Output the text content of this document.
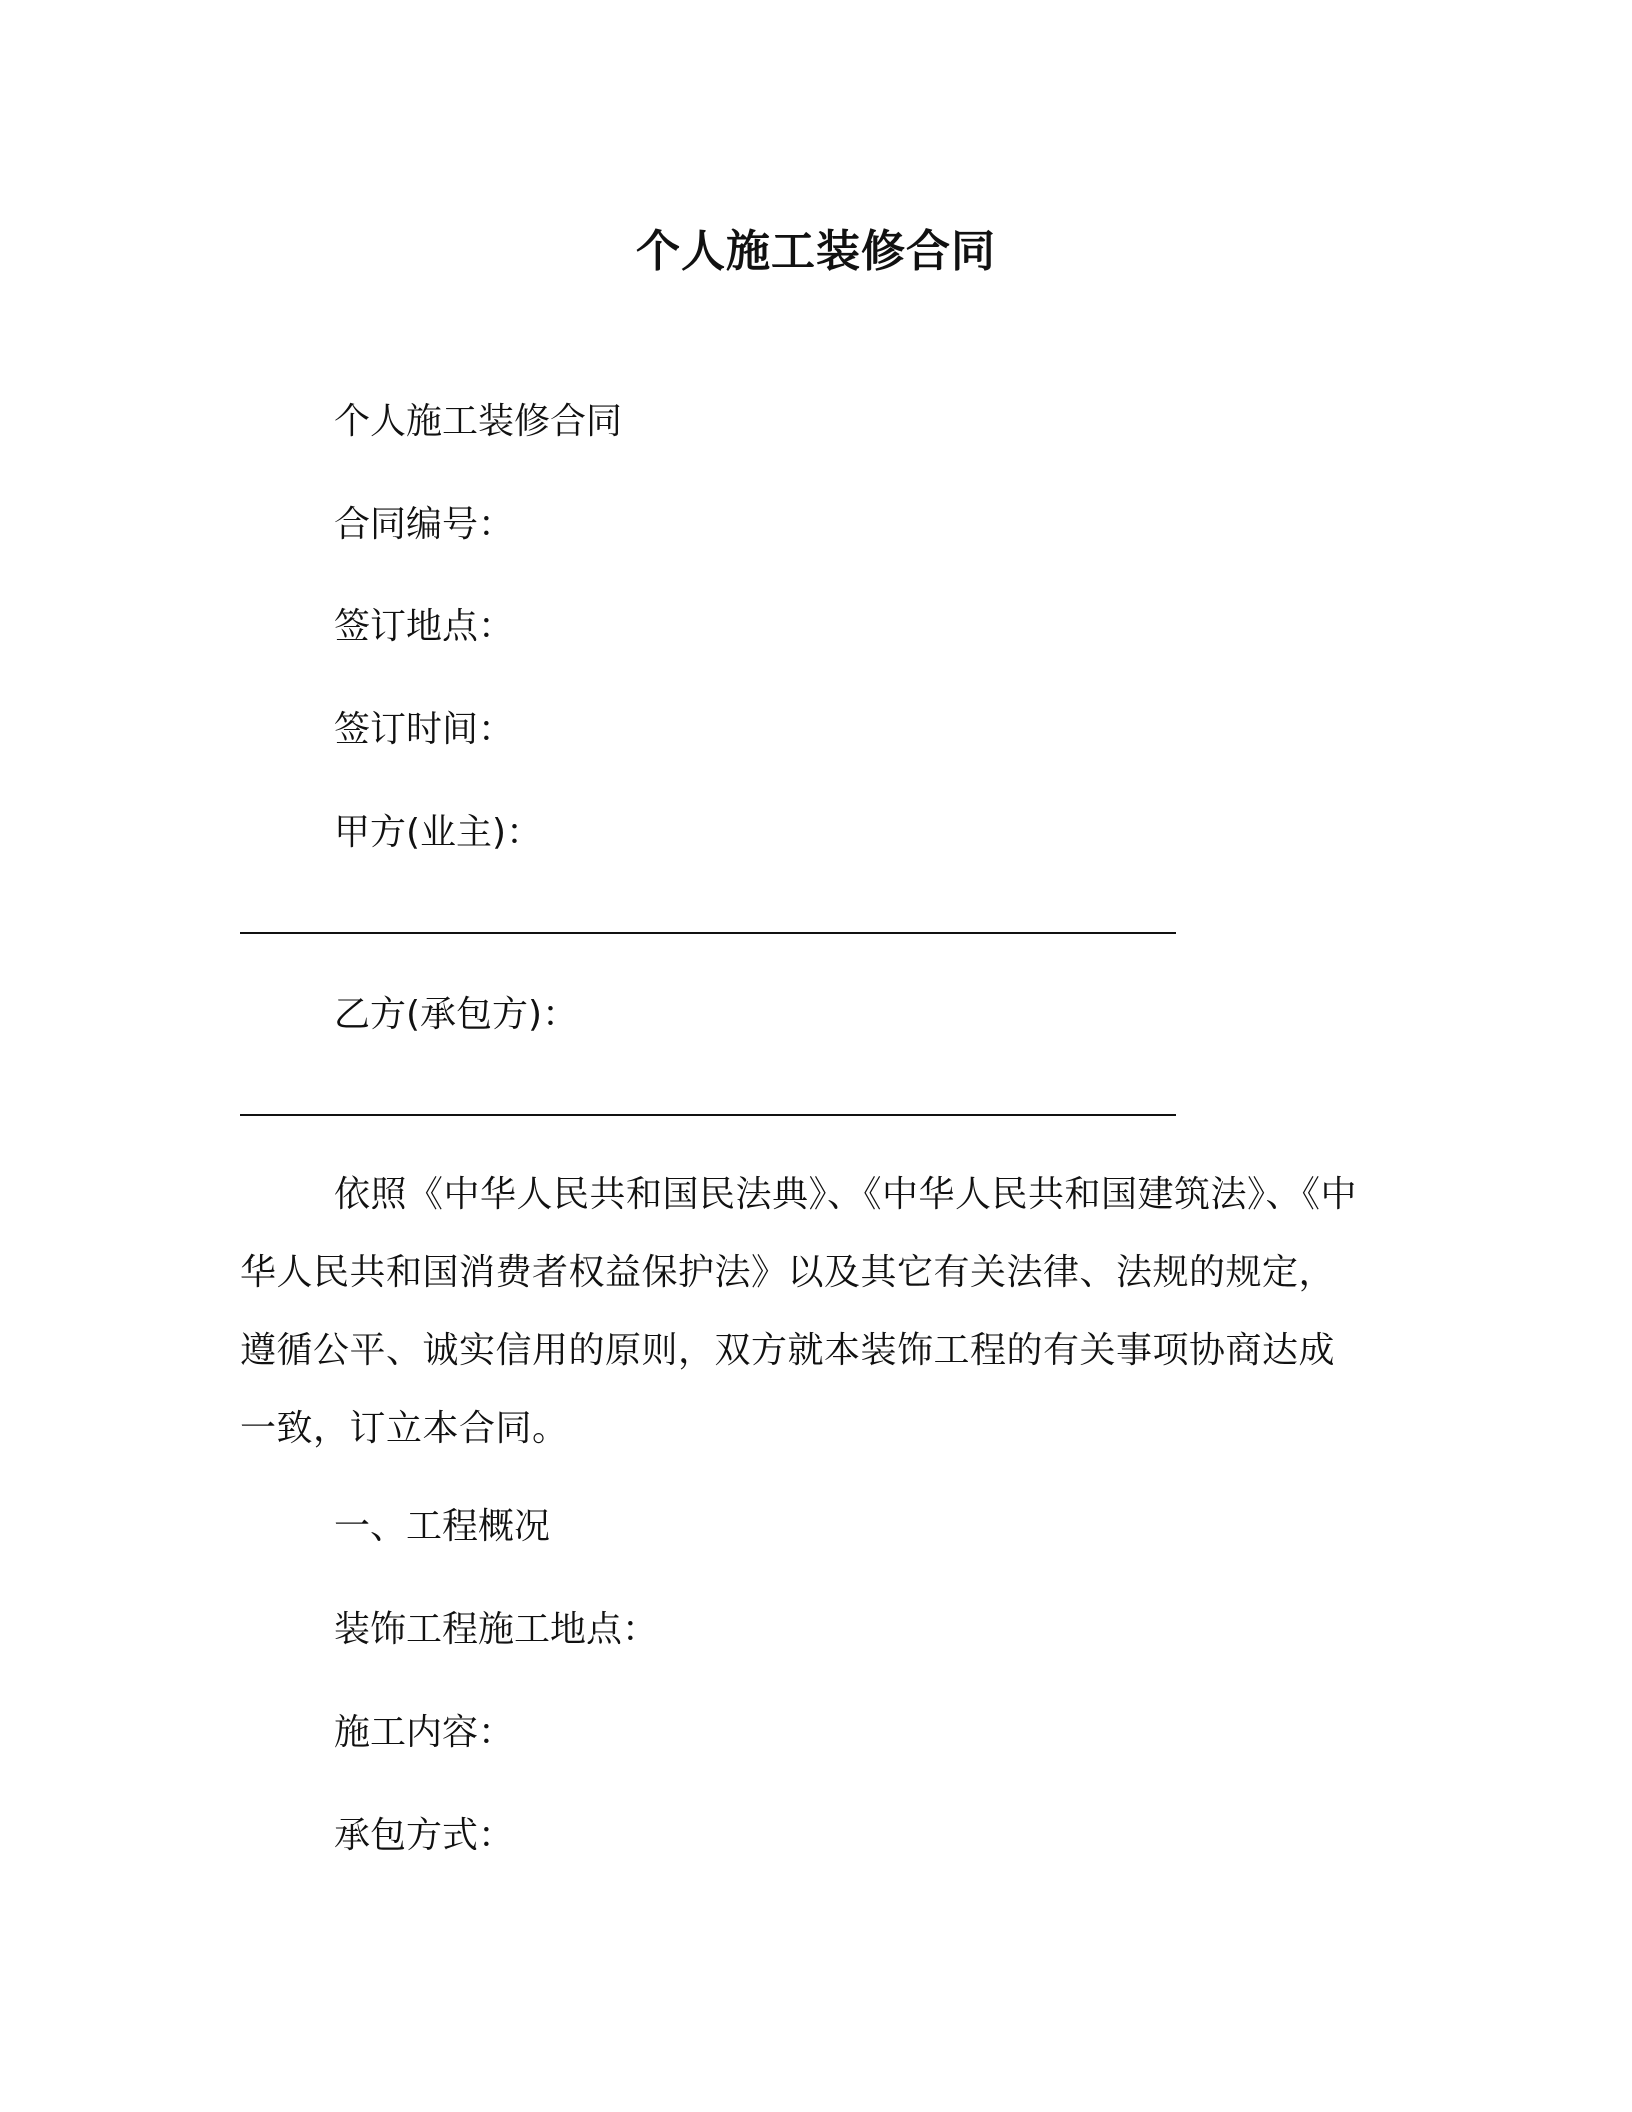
个人施工装修合同
个人施工装修合同
合同编号：
签订地点：
签订时间：
甲方(业主)：
乙方(承包方)：
依照《中华人民共和国民法典》、《中华人民共和国建筑法》、《中华人民共和国消费者权益保护法》以及其它有关法律、法规的规定，遵循公平、诚实信用的原则，双方就本装饰工程的有关事项协商达成一致，订立本合同。
一、工程概况
装饰工程施工地点：
施工内容：
承包方式：
